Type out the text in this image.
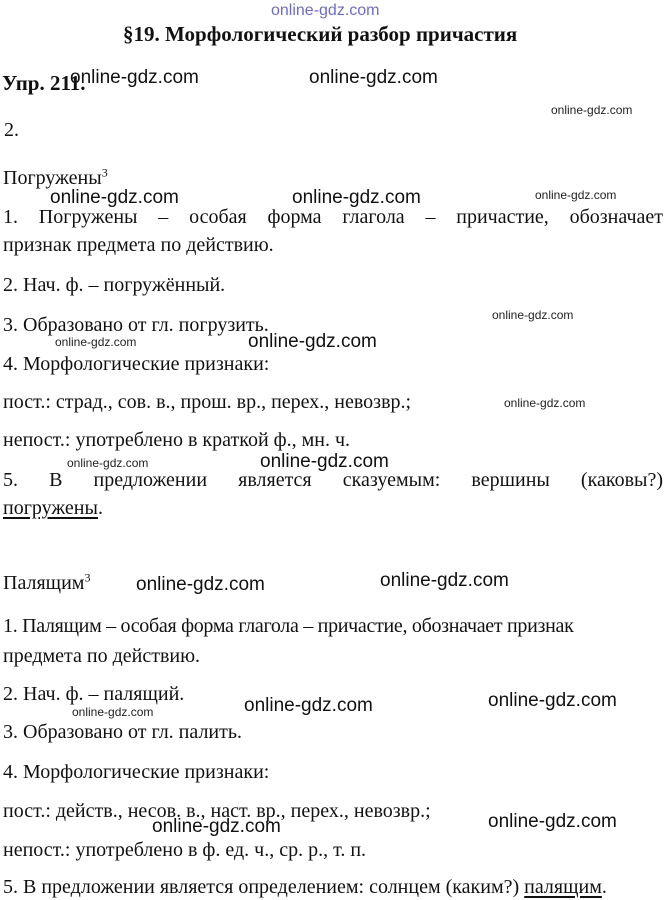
online-gdz.com
§19. Морфологический разбор причастия
Упр. 211.
2.
Погружены$^3$
1. Погружены – особая форма глагола – причастие, обозначает
признак предмета по действию.
2. Нач. ф. – погружённый.
3. Образовано от гл. погрузить.
4. Морфологические признаки:
пост.: страд., сов. в., прош. вр., перех., невозвр.;
непост.: употреблено в краткой ф., мн. ч.
5. В предложении является сказуемым: вершины (каковы?)
погружены.
Палящим$^3$
1. Палящим – особая форма глагола – причастие, обозначает признак
предмета по действию.
2. Нач. ф. – палящий.
3. Образовано от гл. палить.
4. Морфологические признаки:
пост.: действ., несов. в., наст. вр., перех., невозвр.;
непост.: употреблено в ф. ед. ч., ср. р., т. п.
5. В предложении является определением: солнцем (каким?) палящим.
online-gdz.com	online-gdz.com
online-gdz.com
online-gdz.com	online-gdz.com	online-gdz.com
online-gdz.com
online-gdz.com	online-gdz.com
online-gdz.com
online-gdz.com	online-gdz.com
online-gdz.com	online-gdz.com
online-gdz.com	online-gdz.com
online-gdz.com
online-gdz.com	online-gdz.com
